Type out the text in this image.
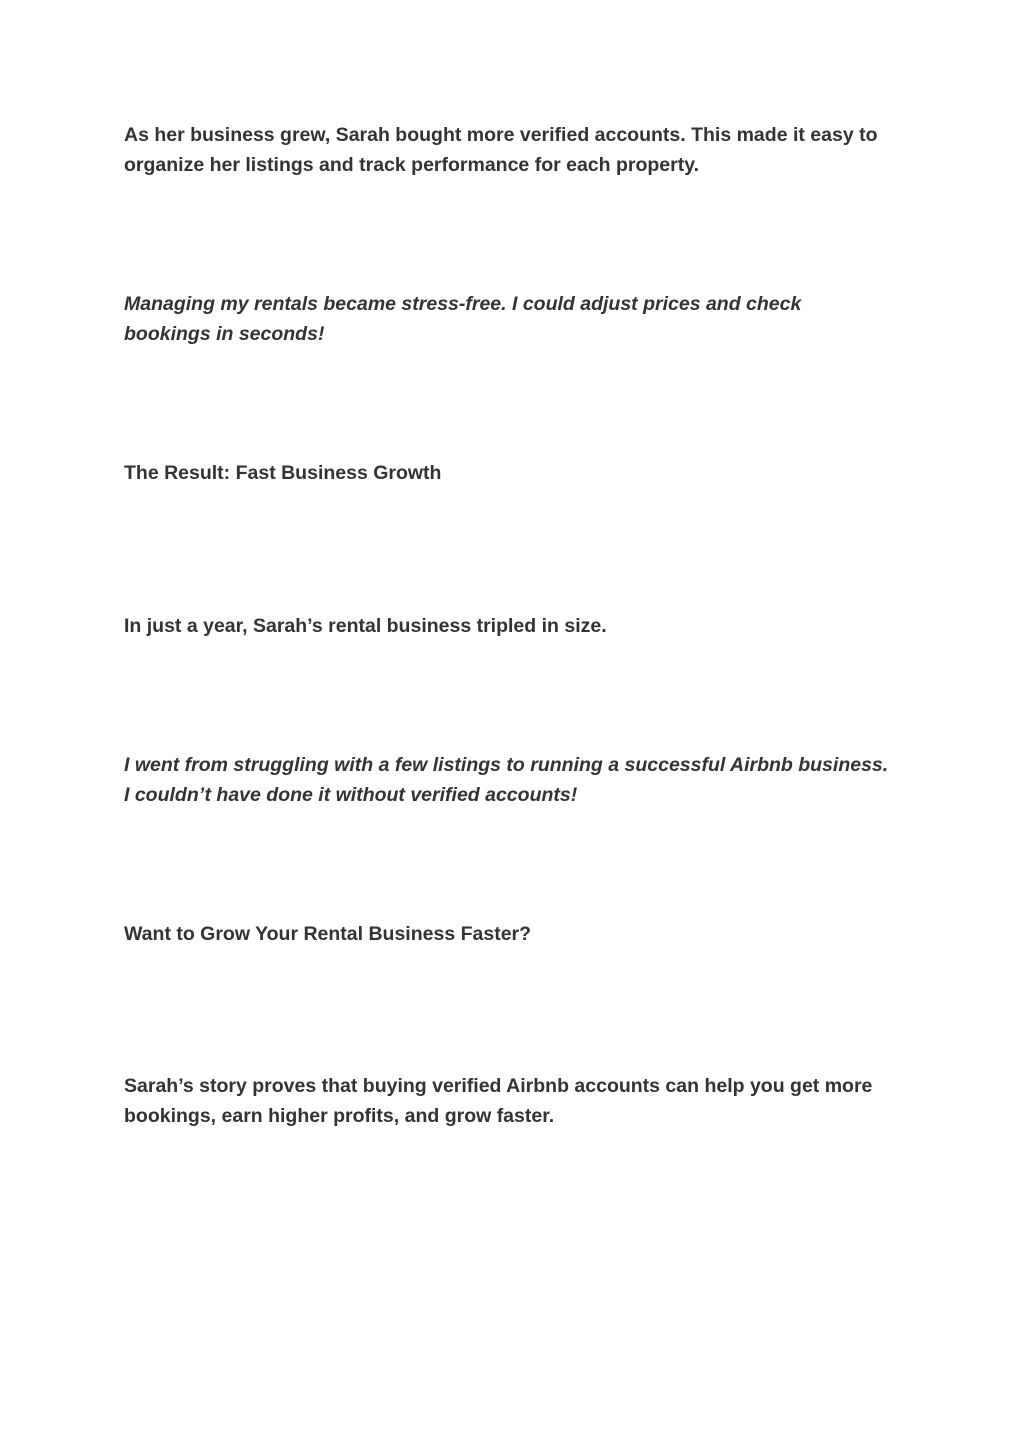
As her business grew, Sarah bought more verified accounts. This made it easy to
organize her listings and track performance for each property.

Managing my rentals became stress-free. I could adjust prices and check
bookings in seconds!

The Result: Fast Business Growth

In just a year, Sarah’s rental business tripled in size.

I went from struggling with a few listings to running a successful Airbnb business.
I couldn’t have done it without verified accounts!

Want to Grow Your Rental Business Faster?

Sarah’s story proves that buying verified Airbnb accounts can help you get more
bookings, earn higher profits, and grow faster.
